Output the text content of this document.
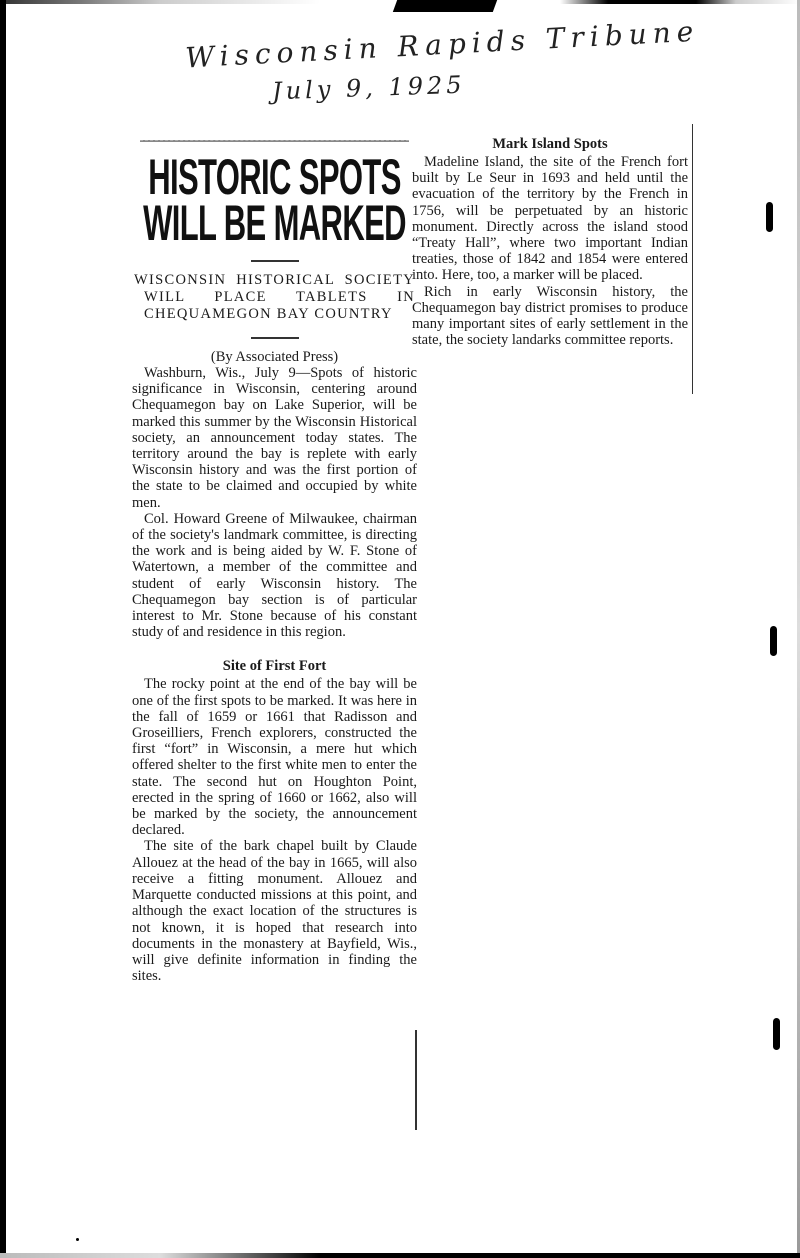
Wisconsin Rapids Tribune
July 9, 1925
HISTORIC SPOTS
WILL BE MARKED
WISCONSIN HISTORICAL SOCIETY WILL PLACE TABLETS IN CHEQUAMEGON BAY COUNTRY
(By Associated Press)

Washburn, Wis., July 9—Spots of historic significance in Wisconsin, centering around Chequamegon bay on Lake Superior, will be marked this summer by the Wisconsin Historical society, an announcement today states. The territory around the bay is replete with early Wisconsin history and was the first portion of the state to be claimed and occupied by white men.

Col. Howard Greene of Milwaukee, chairman of the society's landmark committee, is directing the work and is being aided by W. F. Stone of Watertown, a member of the committee and student of early Wisconsin history. The Chequamegon bay section is of particular interest to Mr. Stone because of his constant study of and residence in this region.

Site of First Fort

The rocky point at the end of the bay will be one of the first spots to be marked. It was here in the fall of 1659 or 1661 that Radisson and Groseilliers, French explorers, constructed the first “fort” in Wisconsin, a mere hut which offered shelter to the first white men to enter the state. The second hut on Houghton Point, erected in the spring of 1660 or 1662, also will be marked by the society, the announcement declared.

The site of the bark chapel built by Claude Allouez at the head of the bay in 1665, will also receive a fitting monument. Allouez and Marquette conducted missions at this point, and although the exact location of the structures is not known, it is hoped that research into documents in the monastery at Bayfield, Wis., will give definite information in finding the sites.

Mark Island Spots

Madeline Island, the site of the French fort built by Le Seur in 1693 and held until the evacuation of the territory by the French in 1756, will be perpetuated by an historic monument. Directly across the island stood “Treaty Hall”, where two important Indian treaties, those of 1842 and 1854 were entered into. Here, too, a marker will be placed.

Rich in early Wisconsin history, the Chequamegon bay district promises to produce many important sites of early settlement in the state, the society landarks committee reports.
